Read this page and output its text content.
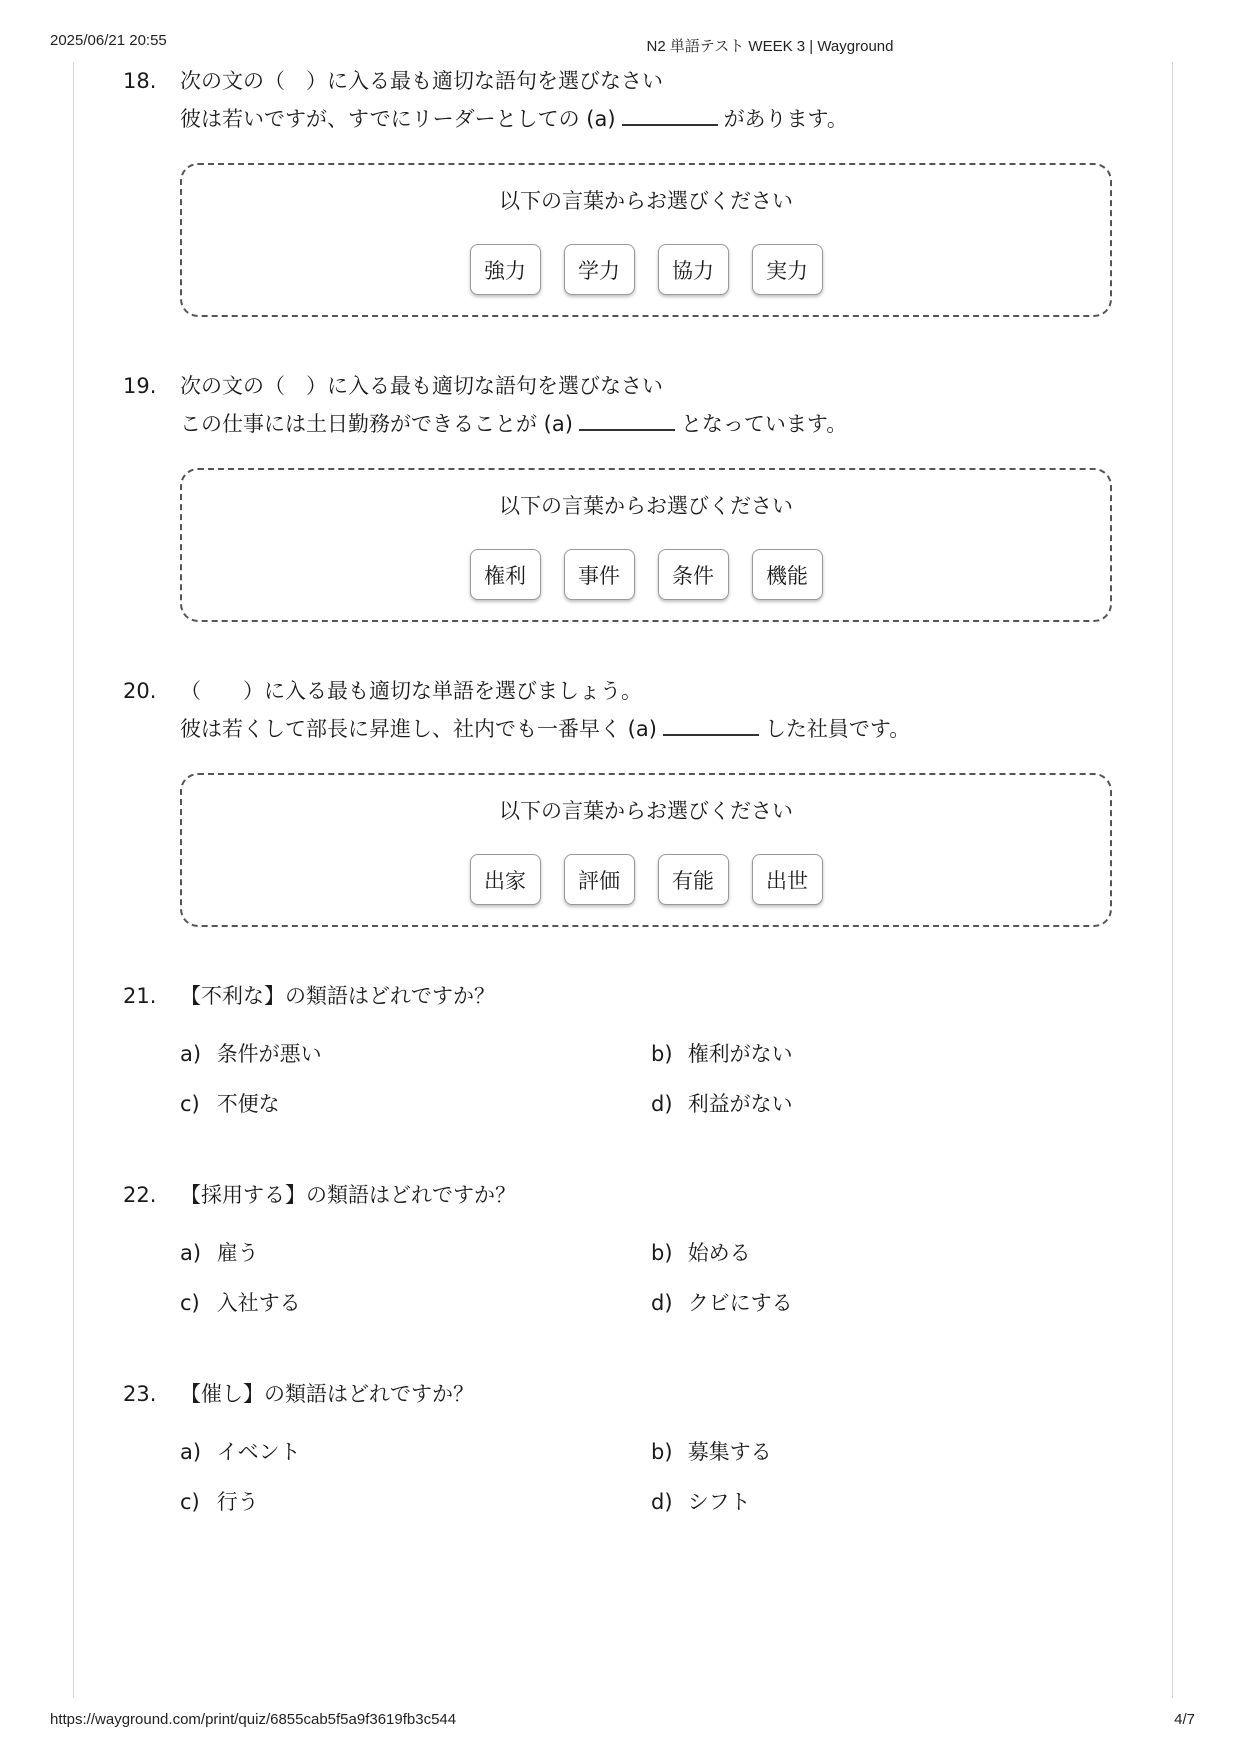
2025/06/21 20:55	N2 単語テスト WEEK 3 | Wayground
https://wayground.com/print/quiz/6855cab5f5a9f3619fb3c544	4/7
18. 次の文の（　）に入る最も適切な語句を選びなさい
彼は若いですが、すでにリーダーとしての (a)	があります。
以下の言葉からお選びください
強力	学力	協力	実力
19. 次の文の（　）に入る最も適切な語句を選びなさい
この仕事には土日勤務ができることが (a)	となっています。
以下の言葉からお選びください
権利	事件	条件	機能
20. （　　）に入る最も適切な単語を選びましょう。
彼は若くして部長に昇進し、社内でも一番早く (a)	した社員です。
以下の言葉からお選びください
出家	評価	有能	出世
21. 【不利な】の類語はどれですか？
a) 条件が悪い	b) 権利がない
c) 不便な	d) 利益がない
22. 【採用する】の類語はどれですか？
a) 雇う	b) 始める
c) 入社する	d) クビにする
23. 【催し】の類語はどれですか？
a) イベント	b) 募集する
c) 行う	d) シフト
